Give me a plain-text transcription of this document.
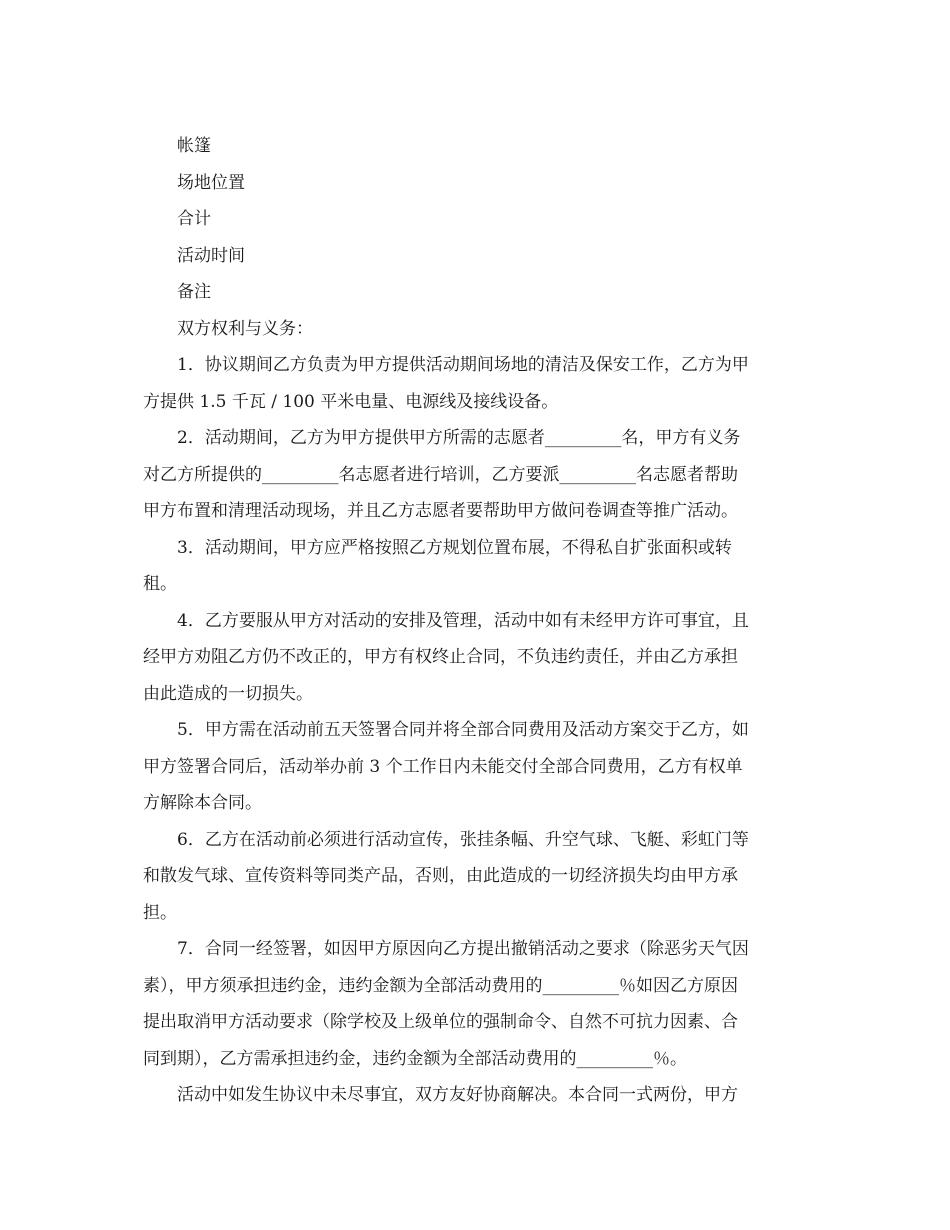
帐篷
场地位置
合计
活动时间
备注
双方权利与义务：
1．协议期间乙方负责为甲方提供活动期间场地的清洁及保安工作，乙方为甲
方提供 1.5 千瓦 / 100 平米电量、电源线及接线设备。
2．活动期间，乙方为甲方提供甲方所需的志愿者_________名，甲方有义务
对乙方所提供的_________名志愿者进行培训，乙方要派_________名志愿者帮助
甲方布置和清理活动现场，并且乙方志愿者要帮助甲方做问卷调查等推广活动。
3．活动期间，甲方应严格按照乙方规划位置布展，不得私自扩张面积或转
租。
4．乙方要服从甲方对活动的安排及管理，活动中如有未经甲方许可事宜，且
经甲方劝阻乙方仍不改正的，甲方有权终止合同，不负违约责任，并由乙方承担
由此造成的一切损失。
5．甲方需在活动前五天签署合同并将全部合同费用及活动方案交于乙方，如
甲方签署合同后，活动举办前 3 个工作日内未能交付全部合同费用，乙方有权单
方解除本合同。
6．乙方在活动前必须进行活动宣传，张挂条幅、升空气球、飞艇、彩虹门等
和散发气球、宣传资料等同类产品，否则，由此造成的一切经济损失均由甲方承
担。
7．合同一经签署，如因甲方原因向乙方提出撤销活动之要求（除恶劣天气因
素），甲方须承担违约金，违约金额为全部活动费用的_________％如因乙方原因
提出取消甲方活动要求（除学校及上级单位的强制命令、自然不可抗力因素、合
同到期），乙方需承担违约金，违约金额为全部活动费用的_________％。
活动中如发生协议中未尽事宜，双方友好协商解决。本合同一式两份，甲方
